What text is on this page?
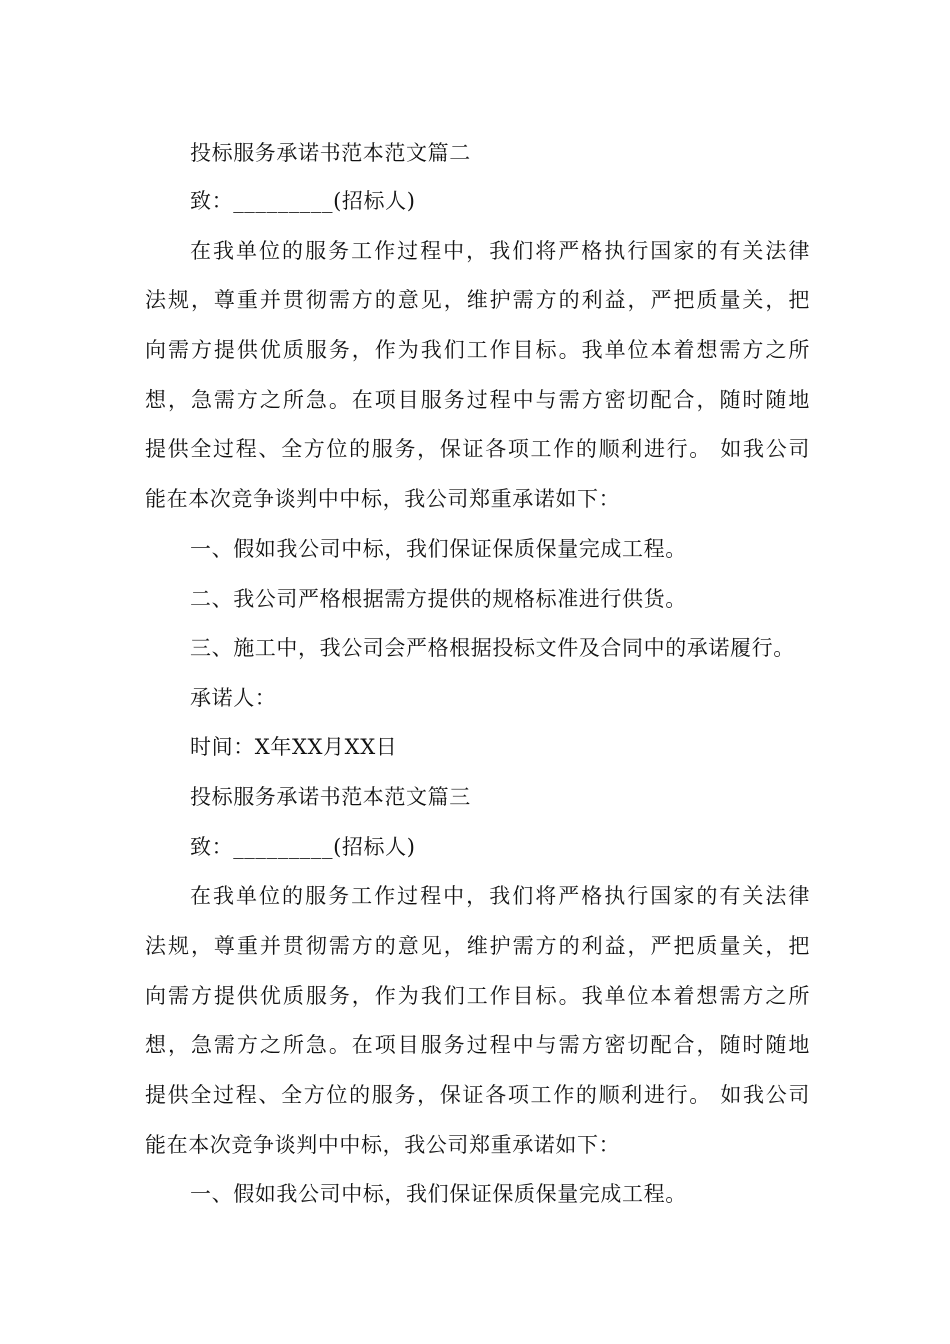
投标服务承诺书范本范文篇二
致：_________(招标人)
在我单位的服务工作过程中，我们将严格执行国家的有关法律
法规，尊重并贯彻需方的意见，维护需方的利益，严把质量关，把
向需方提供优质服务，作为我们工作目标。我单位本着想需方之所
想，急需方之所急。在项目服务过程中与需方密切配合，随时随地
提供全过程、全方位的服务，保证各项工作的顺利进行。 如我公司
能在本次竞争谈判中中标，我公司郑重承诺如下：
一、假如我公司中标，我们保证保质保量完成工程。
二、我公司严格根据需方提供的规格标准进行供货。
三、施工中，我公司会严格根据投标文件及合同中的承诺履行。
承诺人：
时间：X年XX月XX日
投标服务承诺书范本范文篇三
致：_________(招标人)
在我单位的服务工作过程中，我们将严格执行国家的有关法律
法规，尊重并贯彻需方的意见，维护需方的利益，严把质量关，把
向需方提供优质服务，作为我们工作目标。我单位本着想需方之所
想，急需方之所急。在项目服务过程中与需方密切配合，随时随地
提供全过程、全方位的服务，保证各项工作的顺利进行。 如我公司
能在本次竞争谈判中中标，我公司郑重承诺如下：
一、假如我公司中标，我们保证保质保量完成工程。
